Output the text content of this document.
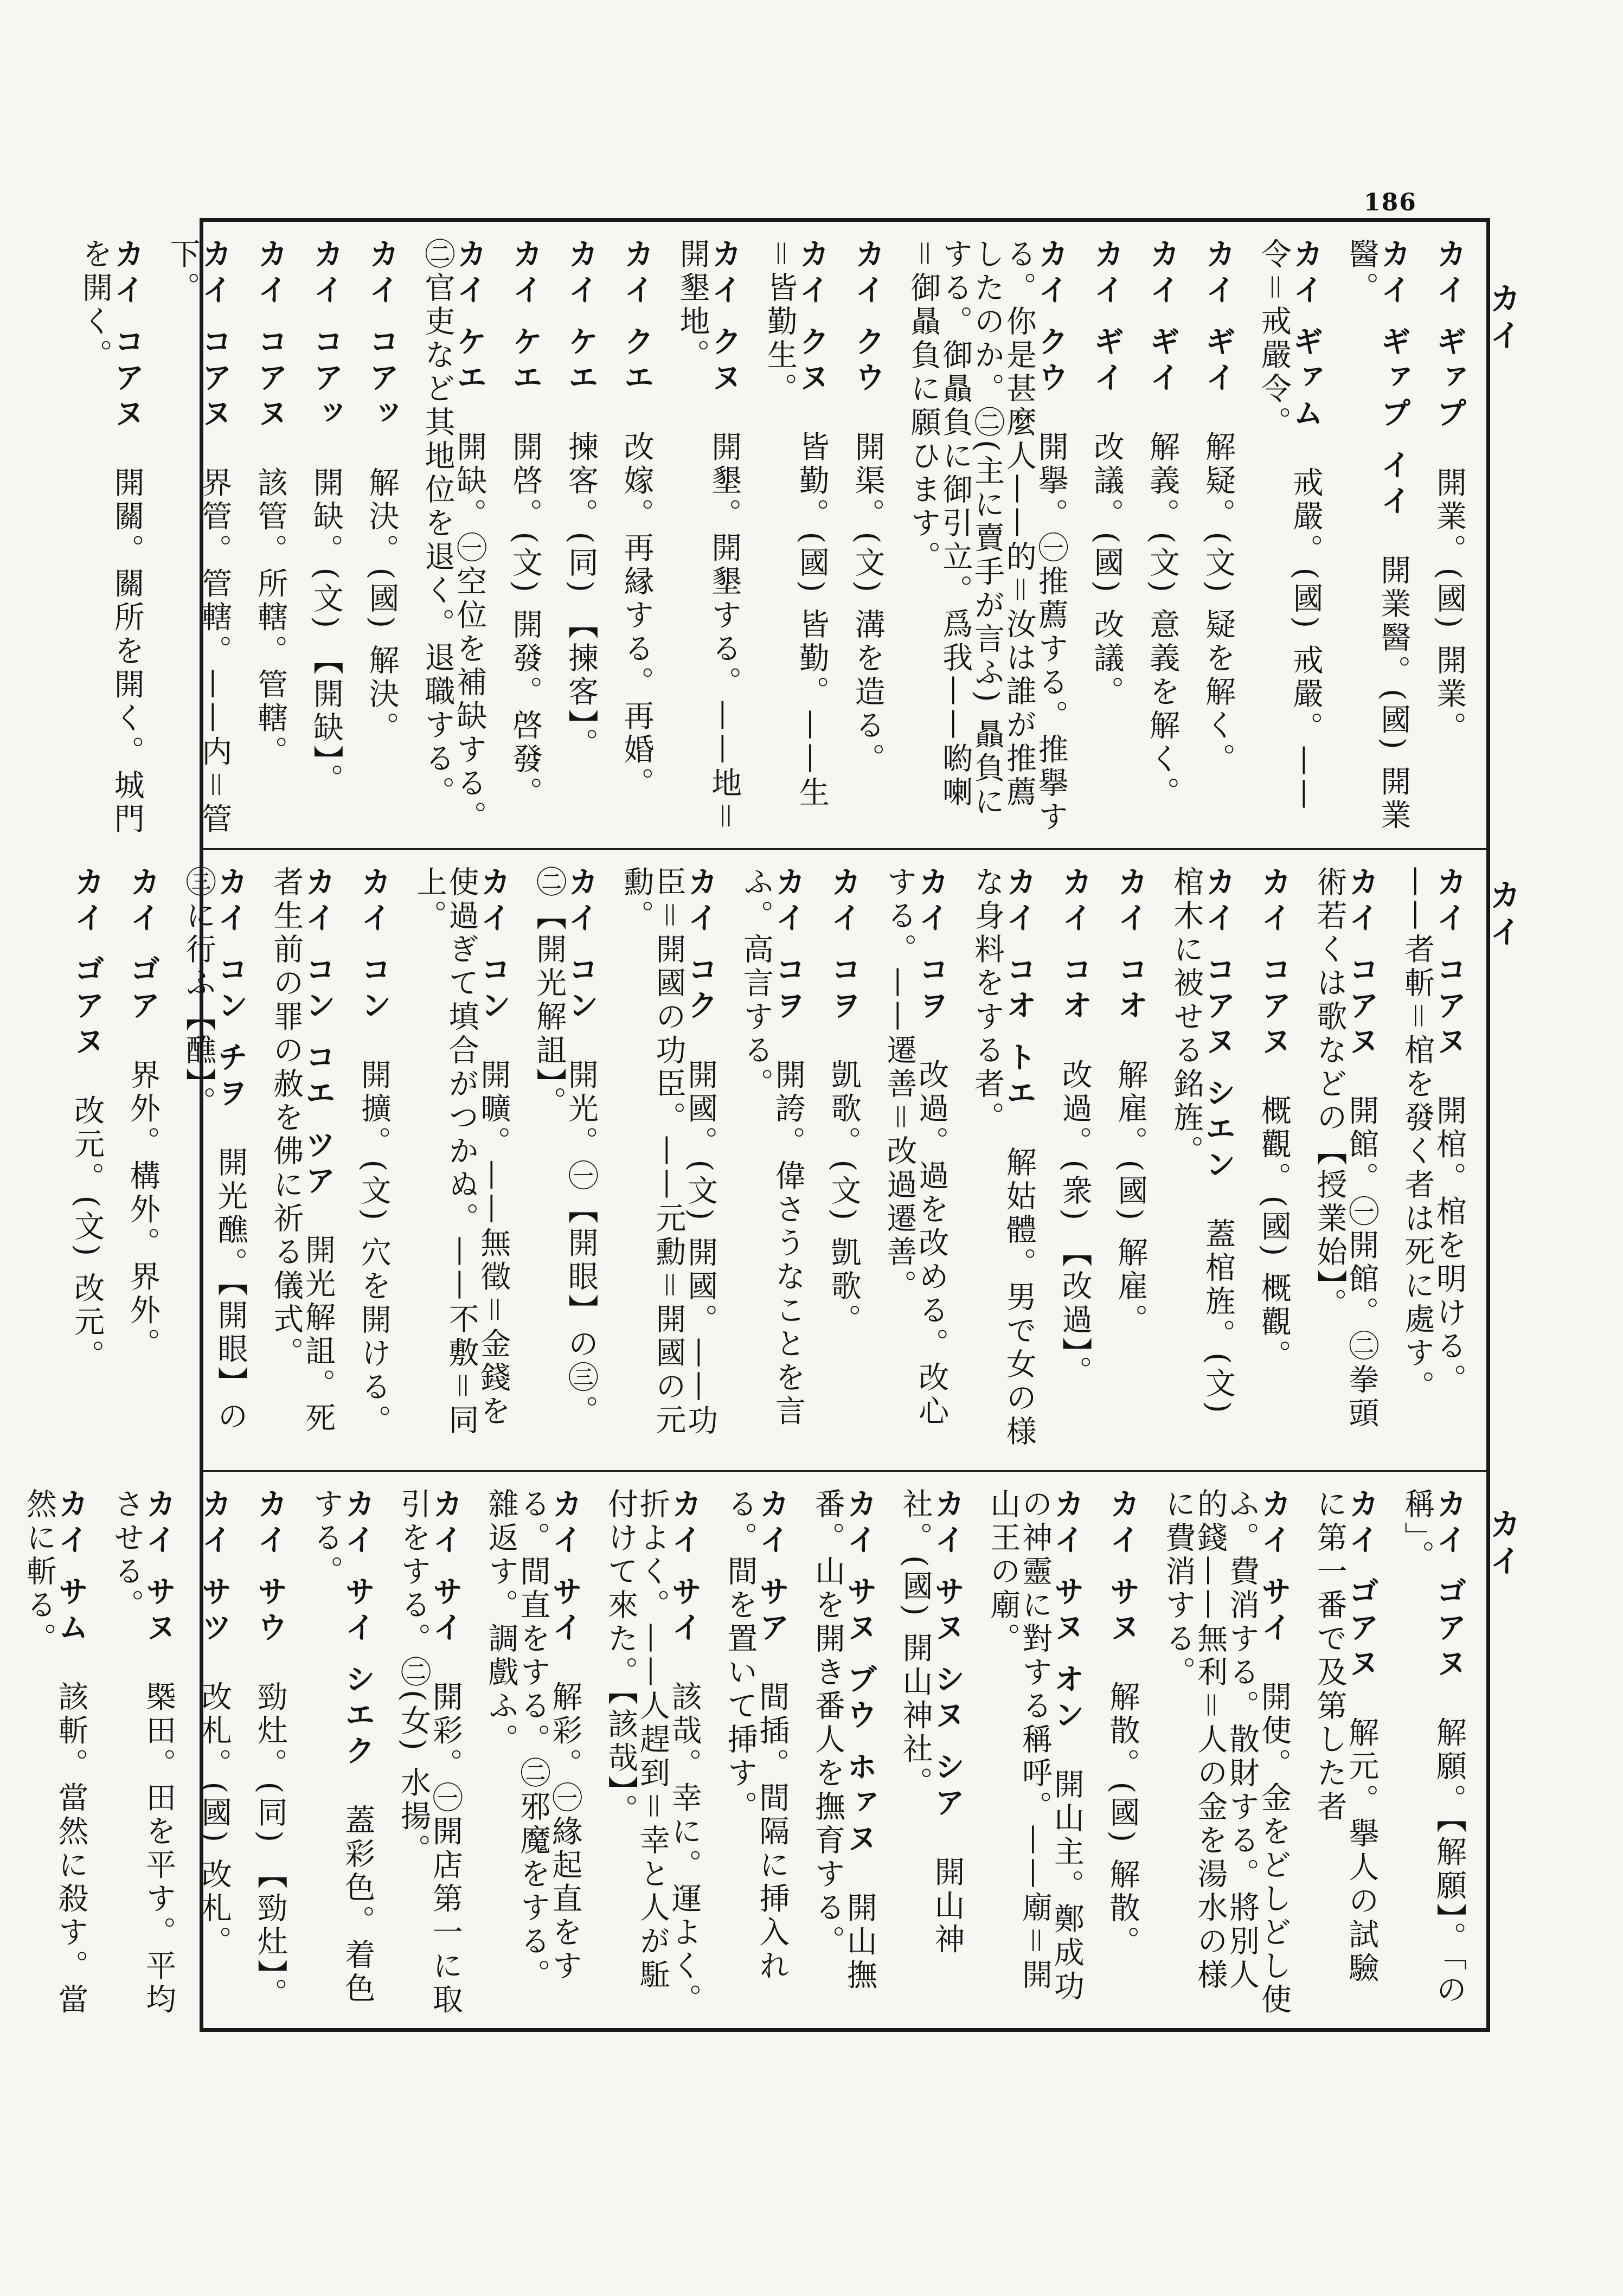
186
カイ ギァプ　開業。(國) 開業。
カイ ギァプ イイ　開業醫。(國) 開業醫。
カイ ギァム　戒嚴。(國) 戒嚴。——令＝戒嚴令。
カイ ギイ　解疑。(文) 疑を解く。
カイ ギイ　解義。(文) 意義を解く。
カイ ギイ　改議。(國) 改議。
カイ クウ　開擧。㊀推薦する。推擧する。你是甚麼人——的＝汝は誰が推薦したのか。㊁(主に賣手が言ふ) 贔負にする。御贔負に御引立。爲我——喲喇＝御贔負に願ひます。
カイ クウ　開渠。(文) 溝を造る。
カイ クヌ　皆勤。(國) 皆勤。——生＝皆勤生。
カイ クヌ　開墾。開墾する。——地＝開墾地。
カイ クエ　改嫁。再縁する。再婚。
カイ ケエ　揀客。(同) 【揀客】。
カイ ケエ　開啓。(文) 開發。啓發。
カイ ケエ　開缺。㊀空位を補缺する。㊁官吏など其地位を退く。退職する。
カイ コアッ　解決。(國) 解決。
カイ コアッ　開缺。(文) 【開缺】。
カイ コアヌ　該管。所轄。管轄。
カイ コアヌ　界管。管轄。——内＝管下。
カイ コアヌ　開關。關所を開く。城門を開く。
カイ コアヌ　開棺。棺を明ける。——者斬＝棺を發く者は死に處す。
カイ コアヌ　開館。㊀開館。㊁拳頭術若くは歌などの【授業始】。
カイ コアヌ　概觀。(國) 概觀。
カイ コアヌ シエン　蓋棺旌。(文) 棺木に被せる銘旌。
カイ コオ　解雇。(國) 解雇。
カイ コオ　改過。(衆) 【改過】。
カイ コオ トエ　解姑體。男で女の様な身料をする者。
カイ コヲ　改過。過を改める。改心する。——遷善＝改過遷善。
カイ コヲ　凱歌。(文) 凱歌。
カイ コヲ　開誇。偉さうなことを言ふ。高言する。
カイ コク　開國。(文) 開國。——功臣＝開國の功臣。——元勳＝開國の元勳。
カイ コン　開光。㊀【開眼】の㊂。㊁【開光解詛】。
カイ コン　開曠。——無徵＝金錢を使過ぎて填合がつかぬ。——不敷＝同上。
カイ コン　開擴。(文) 穴を開ける。
カイ コン コエ ツア　開光解詛。死者生前の罪の赦を佛に祈る儀式。
カイ コン チヲ　開光醮。【開眼】の㊂に行ふ【醮】。
カイ ゴア　界外。構外。界外。
カイ ゴアヌ　改元。(文) 改元。
カイ ゴアヌ　解願。【解願】。「の稱」。
カイ ゴアヌ　解元。擧人の試驗に第一番で及第した者
カイ サイ　開使。金をどしどし使ふ。費消する。散財する。將別人的錢——無利＝人の金を湯水の様に費消する。
カイ サヌ　解散。(國) 解散。
カイ サヌ オン　開山主。鄭成功の神靈に對する稱呼。——廟＝開山王の廟。
カイ サヌ シヌ シア　開山神社。(國) 開山神社。
カイ サヌ ブウ ホァヌ　開山撫番。山を開き番人を撫育する。
カイ サア　間插。間隔に挿入れる。間を置いて挿す。
カイ サイ　該哉。幸に。運よく。折よく。——人趕到＝幸と人が駈付けて來た。【該哉】。
カイ サイ　解彩。㊀緣起直をする。間直をする。㊁邪魔をする。雜返す。調戲ふ。
カイ サイ　開彩。㊀開店第一に取引をする。㊁(女) 水揚。
カイ サイ シエク　蓋彩色。着色する。
カイ サウ　勁灶。(同) 【勁灶】。
カイ サツ　改札。(國) 改札。
カイ サヌ　槩田。田を平す。平均させる。
カイ サム　該斬。當然に殺す。當然に斬る。

カイ
カイ
カイ
